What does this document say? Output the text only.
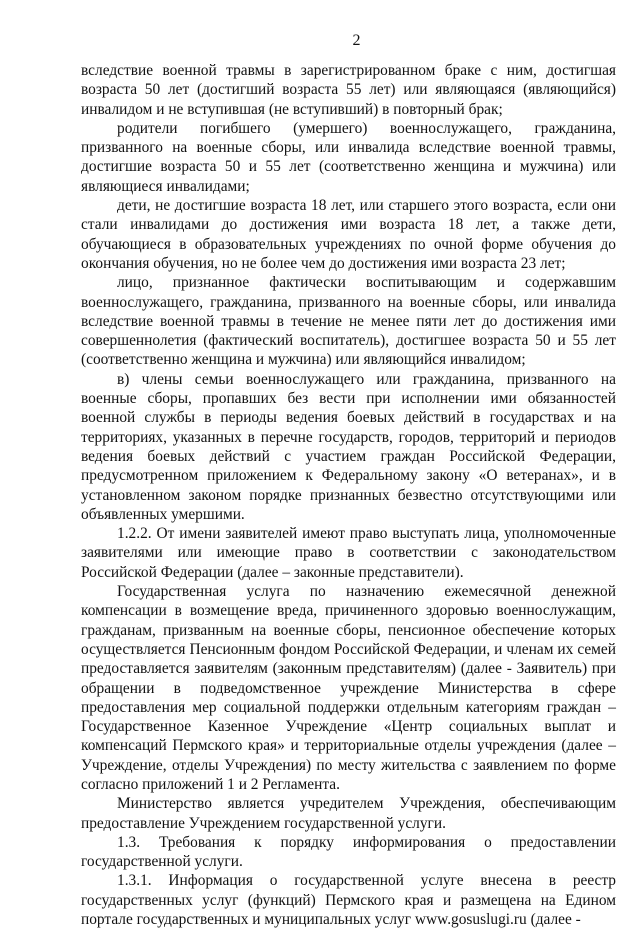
2

вследствие военной травмы в зарегистрированном браке с ним, достигшая возраста 50 лет (достигший возраста 55 лет) или являющаяся (являющийся) инвалидом и не вступившая (не вступивший) в повторный брак;

родители погибшего (умершего) военнослужащего, гражданина, призванного на военные сборы, или инвалида вследствие военной травмы, достигшие возраста 50 и 55 лет (соответственно женщина и мужчина) или являющиеся инвалидами;

дети, не достигшие возраста 18 лет, или старшего этого возраста, если они стали инвалидами до достижения ими возраста 18 лет, а также дети, обучающиеся в образовательных учреждениях по очной форме обучения до окончания обучения, но не более чем до достижения ими возраста 23 лет;

лицо, признанное фактически воспитывающим и содержавшим военнослужащего, гражданина, призванного на военные сборы, или инвалида вследствие военной травмы в течение не менее пяти лет до достижения ими совершеннолетия (фактический воспитатель), достигшее возраста 50 и 55 лет (соответственно женщина и мужчина) или являющийся инвалидом;

в) члены семьи военнослужащего или гражданина, призванного на военные сборы, пропавших без вести при исполнении ими обязанностей военной службы в периоды ведения боевых действий в государствах и на территориях, указанных в перечне государств, городов, территорий и периодов ведения боевых действий с участием граждан Российской Федерации, предусмотренном приложением к Федеральному закону «О ветеранах», и в установленном законом порядке признанных безвестно отсутствующими или объявленных умершими.

1.2.2. От имени заявителей имеют право выступать лица, уполномоченные заявителями или имеющие право в соответствии с законодательством Российской Федерации (далее – законные представители).

Государственная услуга по назначению ежемесячной денежной компенсации в возмещение вреда, причиненного здоровью военнослужащим, гражданам, призванным на военные сборы, пенсионное обеспечение которых осуществляется Пенсионным фондом Российской Федерации, и членам их семей предоставляется заявителям (законным представителям) (далее - Заявитель) при обращении в подведомственное учреждение Министерства в сфере предоставления мер социальной поддержки отдельным категориям граждан – Государственное Казенное Учреждение «Центр социальных выплат и компенсаций Пермского края» и территориальные отделы учреждения (далее – Учреждение, отделы Учреждения) по месту жительства с заявлением по форме согласно приложений 1 и 2 Регламента.

Министерство является учредителем Учреждения, обеспечивающим предоставление Учреждением государственной услуги.

1.3. Требования к порядку информирования о предоставлении государственной услуги.

1.3.1. Информация о государственной услуге внесена в реестр государственных услуг (функций) Пермского края и размещена на Едином портале государственных и муниципальных услуг www.gosuslugi.ru (далее -
